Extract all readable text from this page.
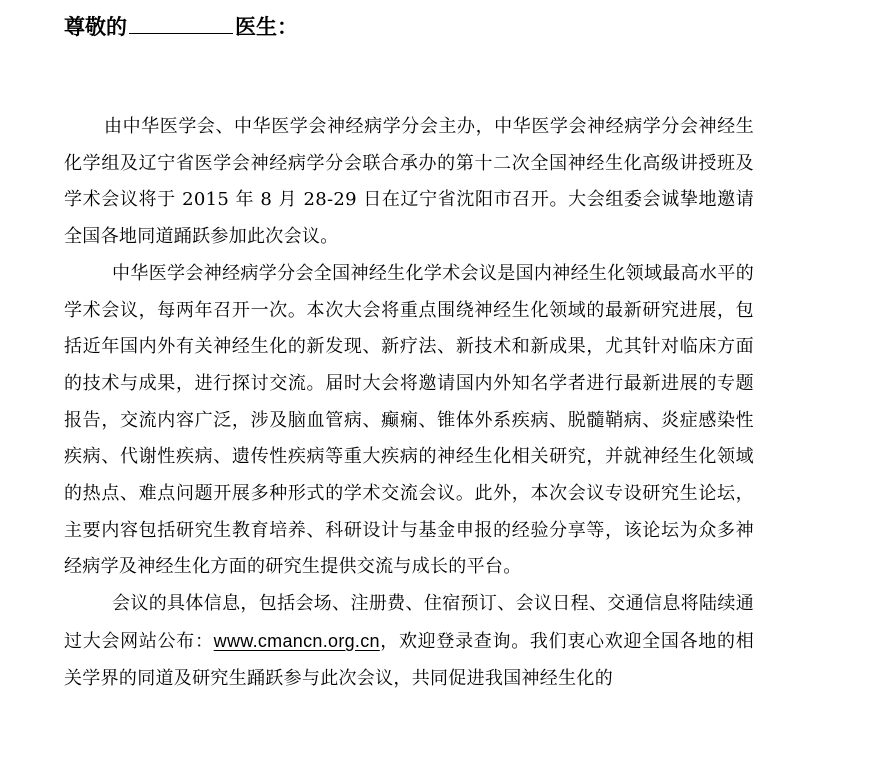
尊敬的	医生：

由中华医学会、中华医学会神经病学分会主办，中华医学会神经病学分会神经生化学组及辽宁省医学会神经病学分会联合承办的第十二次全国神经生化高级讲授班及学术会议将于 2015 年 8 月 28-29 日在辽宁省沈阳市召开。大会组委会诚挚地邀请全国各地同道踊跃参加此次会议。

中华医学会神经病学分会全国神经生化学术会议是国内神经生化领域最高水平的学术会议，每两年召开一次。本次大会将重点围绕神经生化领域的最新研究进展，包括近年国内外有关神经生化的新发现、新疗法、新技术和新成果，尤其针对临床方面的技术与成果，进行探讨交流。届时大会将邀请国内外知名学者进行最新进展的专题报告，交流内容广泛，涉及脑血管病、癫痫、锥体外系疾病、脱髓鞘病、炎症感染性疾病、代谢性疾病、遗传性疾病等重大疾病的神经生化相关研究，并就神经生化领域的热点、难点问题开展多种形式的学术交流会议。此外，本次会议专设研究生论坛，主要内容包括研究生教育培养、科研设计与基金申报的经验分享等，该论坛为众多神经病学及神经生化方面的研究生提供交流与成长的平台。

会议的具体信息，包括会场、注册费、住宿预订、会议日程、交通信息将陆续通过大会网站公布：www.cmancn.org.cn，欢迎登录查询。我们衷心欢迎全国各地的相关学界的同道及研究生踊跃参与此次会议，共同促进我国神经生化的
